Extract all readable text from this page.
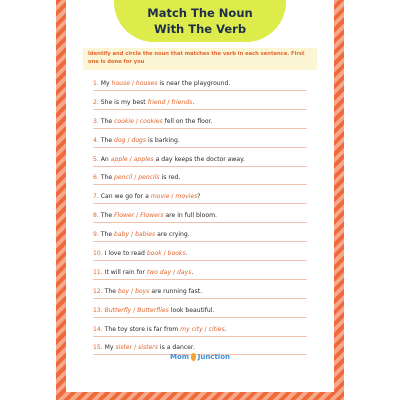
Match The Noun
With The Verb
Identify and circle the noun that matches the verb in each sentence. First one is done for you
1. My house / houses is near the playground.
2. She is my best friend / friends.
3. The cookie / cookies fell on the floor.
4. The dog / dogs is barking.
5. An apple / apples a day keeps the doctor away.
6. The pencil / pencils is red.
7. Can we go for a movie / movies?
8. The Flower / Flowers are in full bloom.
9. The baby / babies are crying.
10. I love to read book / books.
11. It will rain for two day / days.
12. The boy / boys are running fast.
13. Butterfly / Butterflies look beautiful.
14. The toy store is far from my city / cities.
15. My sister / sisters is a dancer.
Mom Junction
